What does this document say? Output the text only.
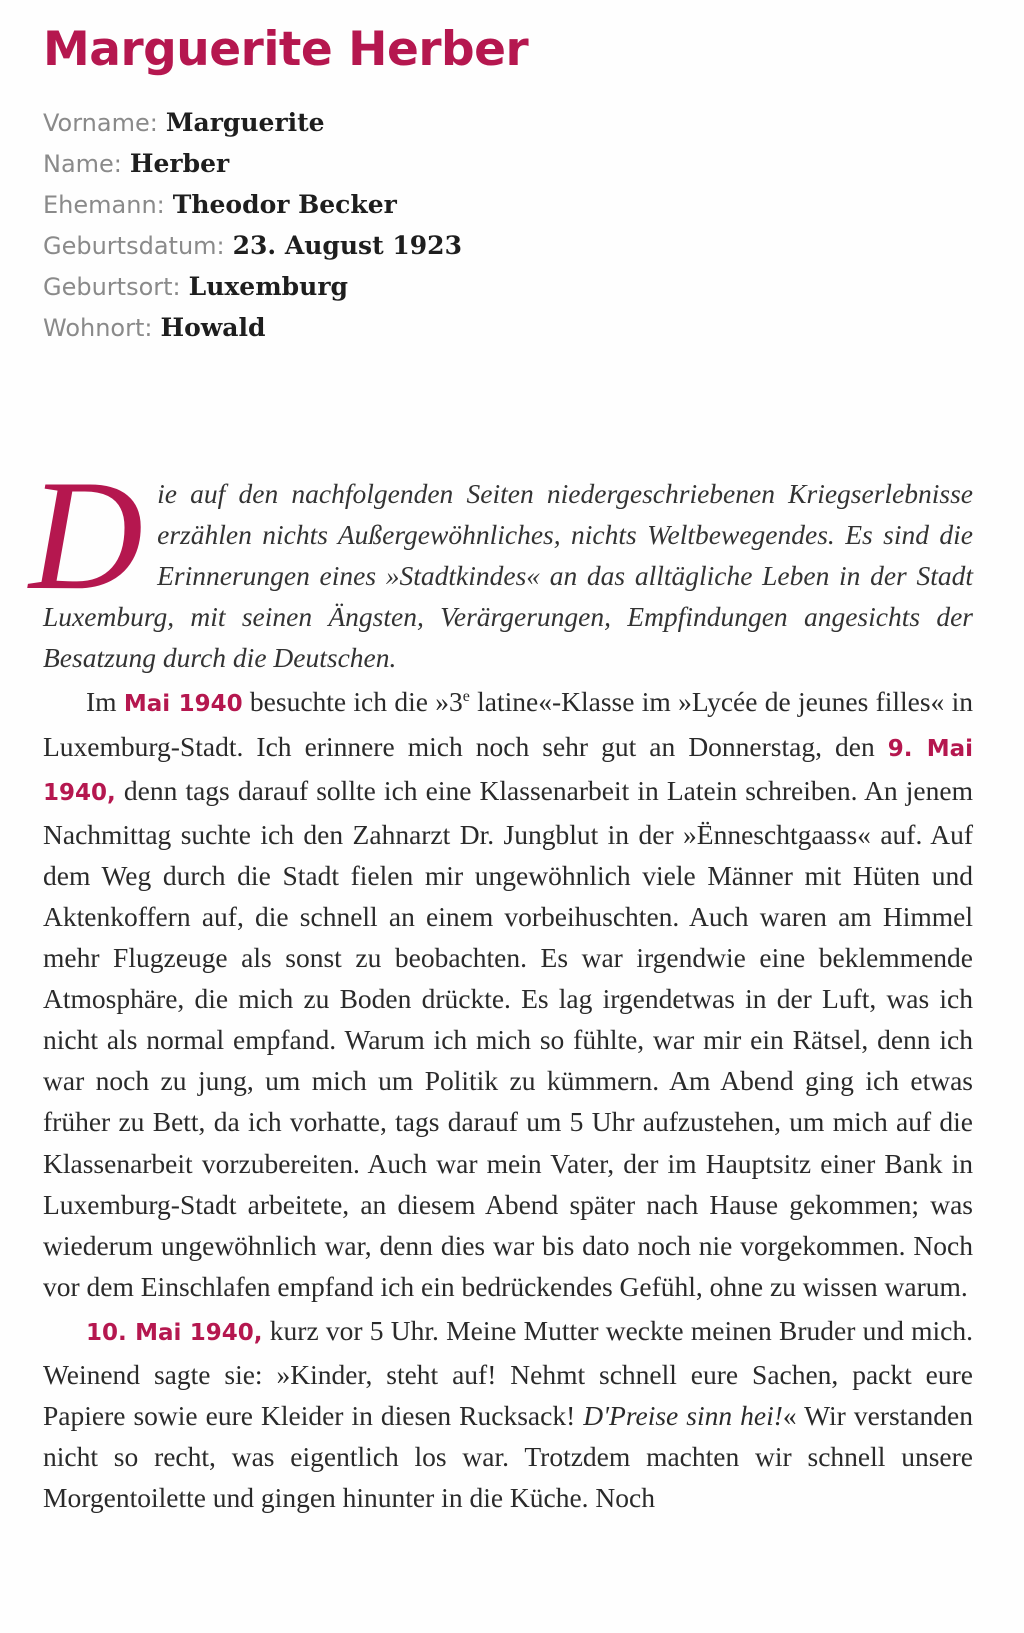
Marguerite Herber
Vorname: Marguerite
Name: Herber
Ehemann: Theodor Becker
Geburtsdatum: 23. August 1923
Geburtsort: Luxemburg
Wohnort: Howald

Die auf den nachfolgenden Seiten niedergeschriebenen Kriegserlebnisse erzählen nichts Außergewöhnliches, nichts Weltbewegendes. Es sind die Erinnerungen eines »Stadtkindes« an das alltägliche Leben in der Stadt Luxemburg, mit seinen Ängsten, Verärgerungen, Empfindungen angesichts der Besatzung durch die Deutschen.

Im Mai 1940 besuchte ich die »3e latine«-Klasse im »Lycée de jeunes filles« in Luxemburg-Stadt. Ich erinnere mich noch sehr gut an Donnerstag, den 9. Mai 1940, denn tags darauf sollte ich eine Klassenarbeit in Latein schreiben. An jenem Nachmittag suchte ich den Zahnarzt Dr. Jungblut in der »Ënneschtgaass« auf. Auf dem Weg durch die Stadt fielen mir ungewöhnlich viele Männer mit Hüten und Aktenkoffern auf, die schnell an einem vorbeihuschten. Auch waren am Himmel mehr Flugzeuge als sonst zu beobachten. Es war irgendwie eine beklemmende Atmosphäre, die mich zu Boden drückte. Es lag irgendetwas in der Luft, was ich nicht als normal empfand. Warum ich mich so fühlte, war mir ein Rätsel, denn ich war noch zu jung, um mich um Politik zu kümmern. Am Abend ging ich etwas früher zu Bett, da ich vorhatte, tags darauf um 5 Uhr aufzustehen, um mich auf die Klassenarbeit vorzubereiten. Auch war mein Vater, der im Hauptsitz einer Bank in Luxemburg-Stadt arbeitete, an diesem Abend später nach Hause gekommen; was wiederum ungewöhnlich war, denn dies war bis dato noch nie vorgekommen. Noch vor dem Einschlafen empfand ich ein bedrückendes Gefühl, ohne zu wissen warum.

10. Mai 1940, kurz vor 5 Uhr. Meine Mutter weckte meinen Bruder und mich. Weinend sagte sie: »Kinder, steht auf! Nehmt schnell eure Sachen, packt eure Papiere sowie eure Kleider in diesen Rucksack! D'Preise sinn hei!« Wir verstanden nicht so recht, was eigentlich los war. Trotzdem machten wir schnell unsere Morgentoilette und gingen hinunter in die Küche. Noch
